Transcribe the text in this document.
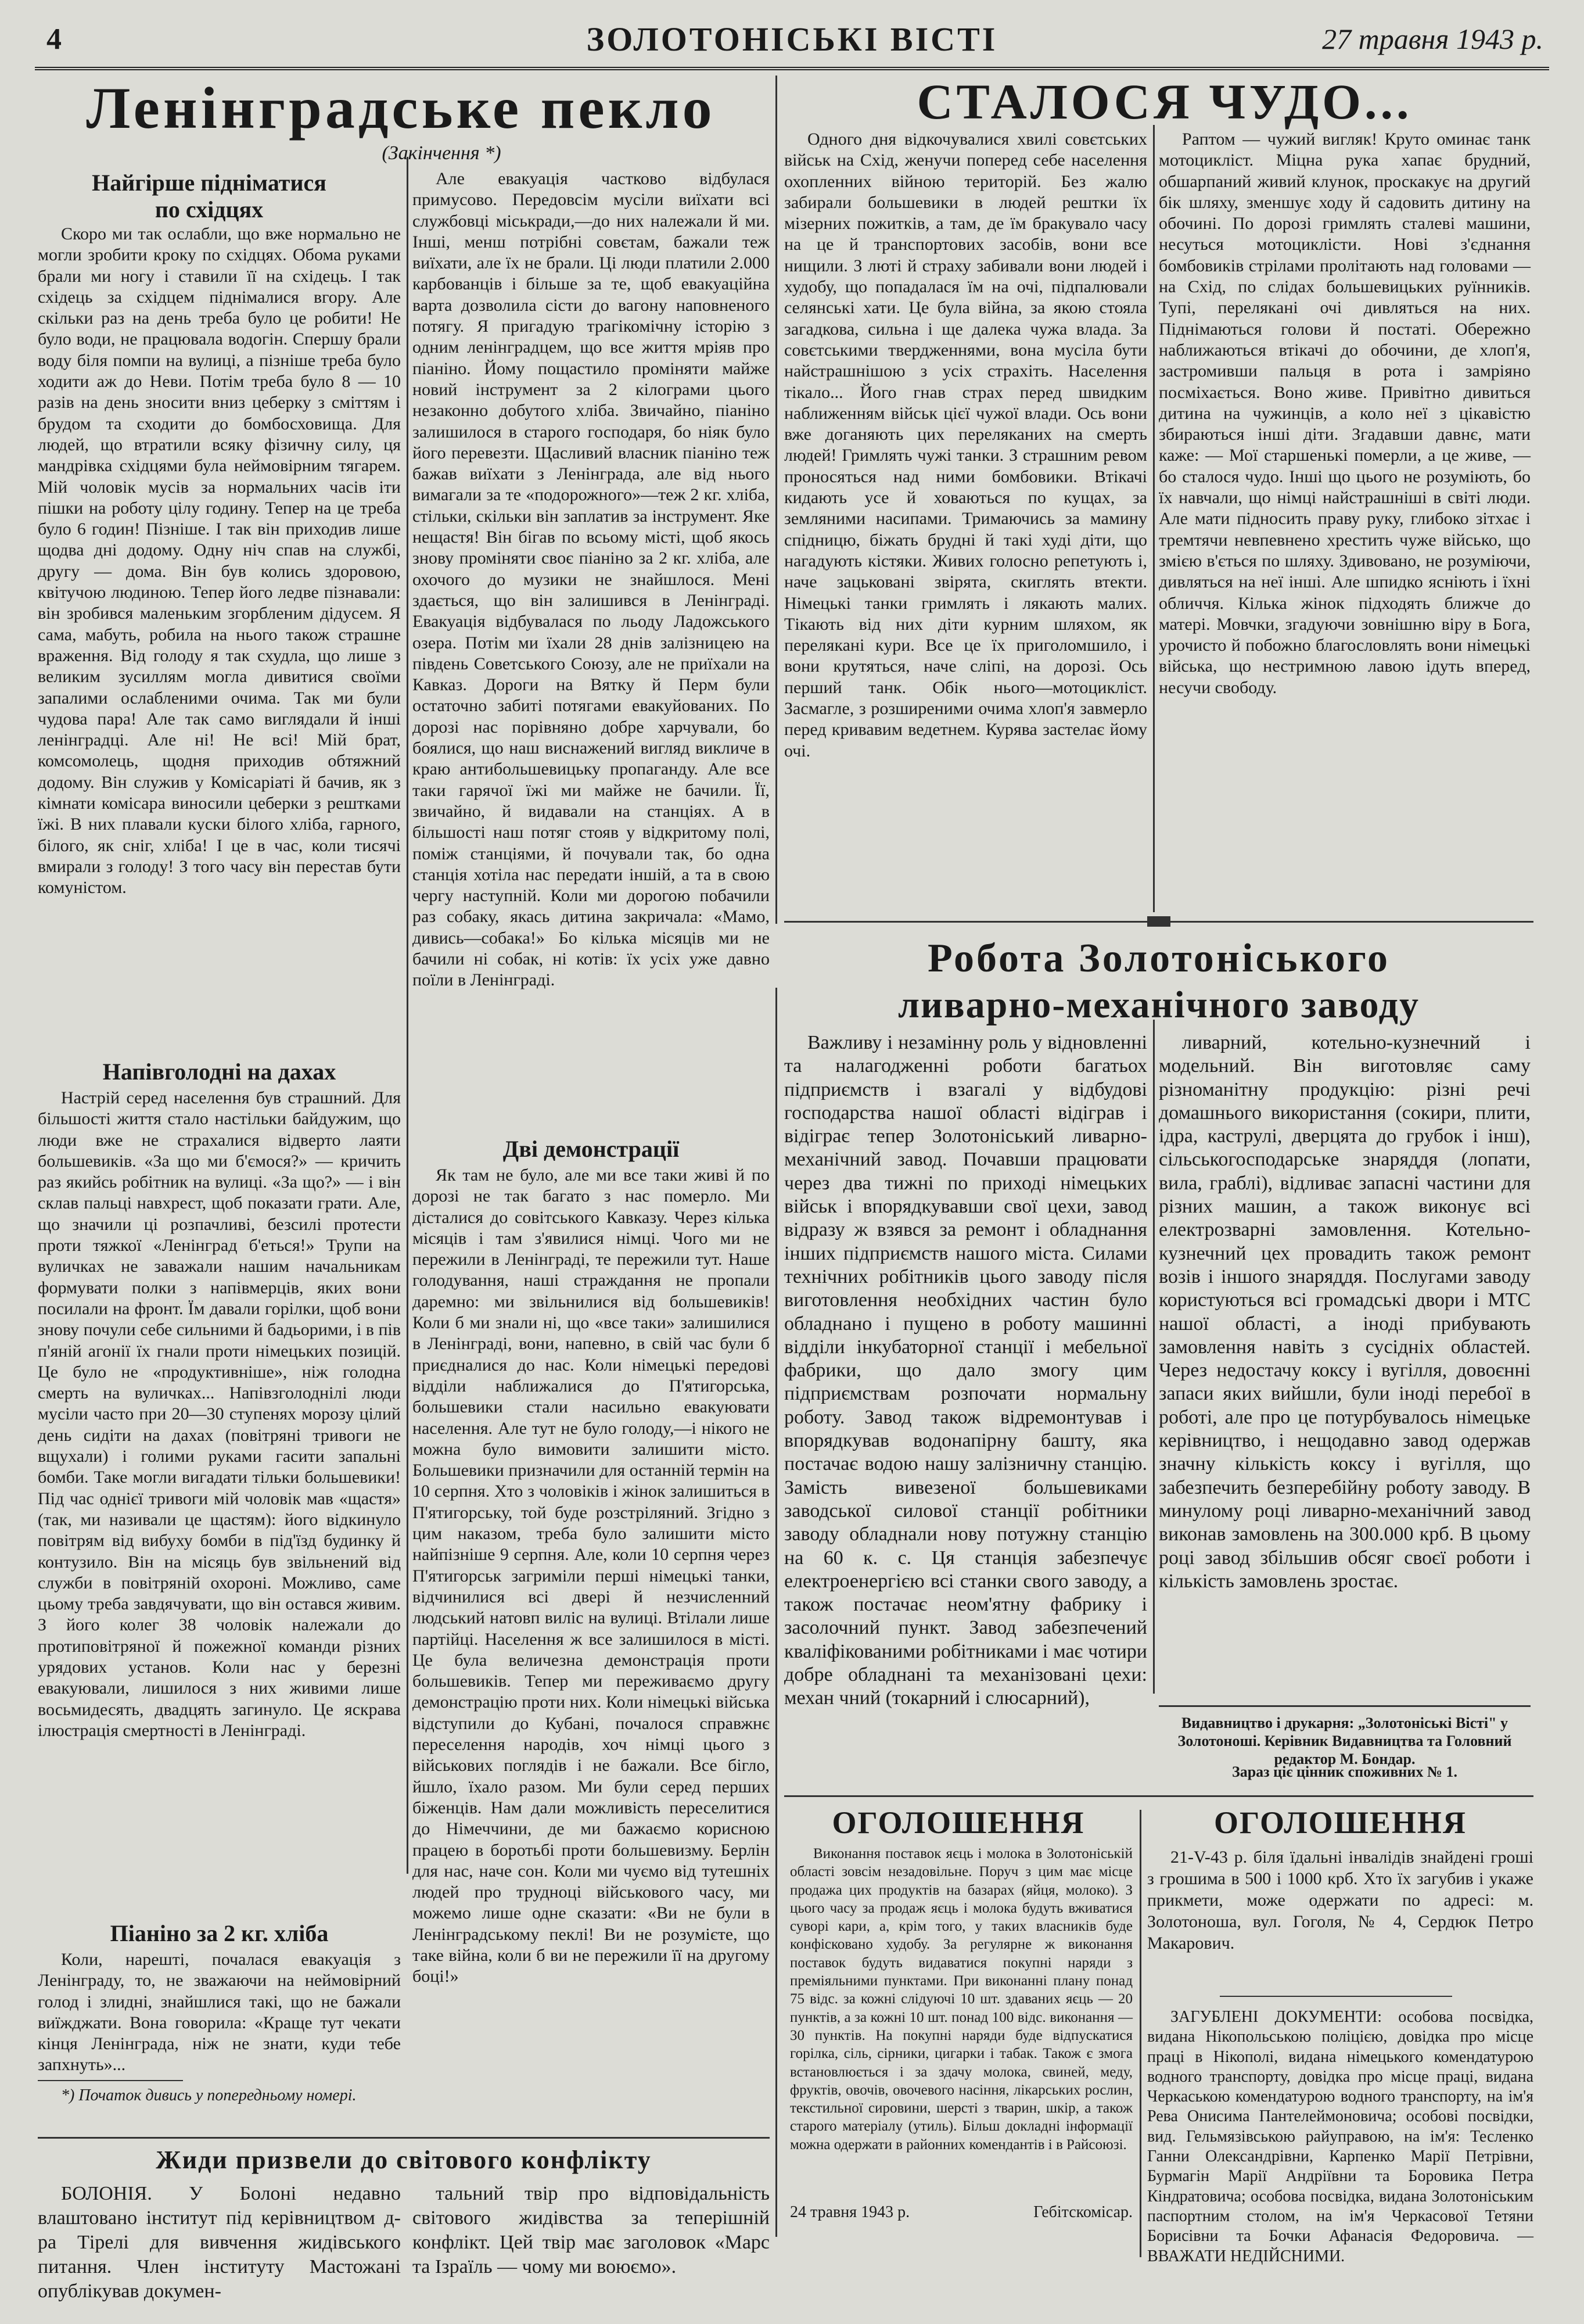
4	ЗОЛОТОНІСЬКІ ВІСТІ	27 травня 1943 р.
Ленінградське пекло
(Закінчення *)
Найгірше підніматися по східцях

Скоро ми так ослабли, що вже нормально не могли зробити кроку по східцях. Обома руками брали ми ногу і ставили її на східець. І так східець за східцем піднімалися вгору. Але скільки раз на день треба було це робити! Не було води, не працювала водогін. Спершу брали воду біля помпи на вулиці, а пізніше треба було ходити аж до Неви. Потім треба було 8 — 10 разів на день зносити вниз цеберку з сміттям і брудом та сходити до бомбосховища. Для людей, що втратили всяку фізичну силу, ця мандрівка східцями була неймовірним тягарем. Мій чоловік мусів за нормальних часів іти пішки на роботу цілу годину. Тепер на це треба було 6 годин! Пізніше. І так він приходив лише щодва дні додому. Одну ніч спав на службі, другу — дома. Він був колись здоровою, квітучою людиною. Тепер його ледве пізнавали: він зробився маленьким згорбленим дідусем. Я сама, мабуть, робила на нього також страшне враження. Від голоду я так схудла, що лише з великим зусиллям могла дивитися своїми запалими ослабленими очима. Так ми були чудова пара! Але так само виглядали й інші ленінградці. Але ні! Не всі! Мій брат, комсомолець, щодня приходив обтяжний додому. Він служив у Комісаріаті й бачив, як з кімнати комісара виносили цеберки з рештками їжі. В них плавали куски білого хліба, гарного, білого, як сніг, хліба! І це в час, коли тисячі вмирали з голоду! З того часу він перестав бути комуністом.

Напівголодні на дахах

Настрій серед населення був страшний. Для більшості життя стало настільки байдужим, що люди вже не страхалися відверто лаяти большевиків. «За що ми б'ємося?» — кричить раз якийсь робітник на вулиці. «За що?» — і він склав пальці навхрест, щоб показати грати. Але, що значили ці розпачливі, безсилі протести проти тяжкої «Ленінград б'еться!» Трупи на вуличках не заважали нашим начальникам формувати полки з напівмерців, яких вони посилали на фронт. Їм давали горілки, щоб вони знову почули себе сильними й бадьорими, і в пів п'яній агонії їх гнали проти німецьких позицій. Це було не «продуктивніше», ніж голодна смерть на вуличках... Напівзголоднілі люди мусіли часто при 20—30 ступенях морозу цілий день сидіти на дахах (повітряні тривоги не вщухали) і голими руками гасити запальні бомби. Таке могли вигадати тільки большевики! Під час однієї тривоги мій чоловік мав «щастя» (так, ми називали це щастям): його відкинуло повітрям від вибуху бомби в під'їзд будинку й контузило. Він на місяць був звільнений від служби в повітряній охороні. Можливо, саме цьому треба завдячувати, що він остався живим. З його колег 38 чоловік належали до протиповітряної й пожежної команди різних урядових установ. Коли нас у березні евакуювали, лишилося з них живими лише восьмидесять, двадцять загинуло. Це яскрава ілюстрація смертності в Ленінграді.

Піаніно за 2 кг. хліба

Коли, нарешті, почалася евакуація з Ленінграду, то, не зважаючи на неймовірний голод і злидні, знайшлися такі, що не бажали виїжджати. Вона говорила: «Краще тут чекати кінця Ленінграда, ніж не знати, куди тебе запхнуть»...

*) Початок дивись у попередньому номері.

Але евакуація частково відбулася примусово. Передовсім мусіли виїхати всі службовці міськради,—до них належали й ми. Інші, менш потрібні совєтам, бажали теж виїхати, але їх не брали. Ці люди платили 2.000 карбованців і більше за те, щоб евакуаційна варта дозволила сісти до вагону наповненого потягу. Я пригадую трагікомічну історію з одним ленінградцем, що все життя мріяв про піаніно. Йому пощастило проміняти майже новий інструмент за 2 кілограми цього незаконно добутого хліба. Звичайно, піаніно залишилося в старого господаря, бо ніяк було його перевезти. Щасливий власник піаніно теж бажав виїхати з Ленінграда, але від нього вимагали за те «подорожного»—теж 2 кг. хліба, стільки, скільки він заплатив за інструмент. Яке нещастя! Він бігав по всьому місті, щоб якось знову проміняти своє піаніно за 2 кг. хліба, але охочого до музики не знайшлося. Мені здається, що він залишився в Ленінграді. Евакуація відбувалася по льоду Ладожського озера. Потім ми їхали 28 днів залізницею на південь Советського Союзу, але не приїхали на Кавказ. Дороги на Вятку й Перм були остаточно забиті потягами евакуйованих. По дорозі нас порівняно добре харчували, бо боялися, що наш виснажений вигляд викличе в краю антибольшевицьку пропаганду. Але все таки гарячої їжі ми майже не бачили. Її, звичайно, й видавали на станціях. А в більшості наш потяг стояв у відкритому полі, поміж станціями, й почували так, бо одна станція хотіла нас передати іншій, а та в свою чергу наступній. Коли ми дорогою побачили раз собаку, якась дитина закричала: «Мамо, дивись—собака!» Бо кілька місяців ми не бачили ні собак, ні котів: їх усіх уже давно поїли в Ленінграді.

Дві демонстрації

Як там не було, але ми все таки живі й по дорозі не так багато з нас померло. Ми дісталися до совітського Кавказу. Через кілька місяців і там з'явилися німці. Чого ми не пережили в Ленінграді, те пережили тут. Наше голодування, наші страждання не пропали даремно: ми звільнилися від большевиків! Коли б ми знали ні, що «все таки» залишилися в Ленінграді, вони, напевно, в свій час були б приєдналися до нас. Коли німецькі передові відділи наближалися до П'ятигорська, большевики стали насильно евакуювати населення. Але тут не було голоду,—і нікого не можна було вимовити залишити місто. Большевики призначили для останній термін на 10 серпня. Хто з чоловіків і жінок залишиться в П'ятигорську, той буде розстріляний. Згідно з цим наказом, треба було залишити місто найпізніше 9 серпня. Але, коли 10 серпня через П'ятигорськ загриміли перші німецькі танки, відчинилися всі двері й незчисленний людський натовп виліс на вулиці. Втілали лише партійці. Населення ж все залишилося в місті. Це була величезна демонстрація проти большевиків. Тепер ми переживаємо другу демонстрацію проти них. Коли німецькі війська відступили до Кубані, почалося справжнє переселення народів, хоч німці цього з військових поглядів і не бажали. Все бігло, йшло, їхало разом. Ми були серед перших біженців. Нам дали можливість переселитися до Німеччини, де ми бажаємо корисною працею в боротьбі проти большевизму. Берлін для нас, наче сон. Коли ми чуємо від тутешніх людей про трудноці військового часу, ми можемо лише одне сказати: «Ви не були в Ленінградському пеклі! Ви не розумієте, що таке війна, коли б ви не пережили її на другому боці!»

Жиди призвели до світового конфлікту

БОЛОНІЯ. У Болоні недавно влаштовано інститут під керівництвом д-ра Тірелі для вивчення жидівського питання. Член інституту Мастожані опублікував докумен-

тальний твір про відповідальність світового жидівства за теперішній конфлікт. Цей твір має заголовок «Марс та Ізраїль — чому ми воюємо».

СТАЛОСЯ ЧУДО...

Одного дня відкочувалися хвилі совєтських військ на Схід, женучи поперед себе населення охопленних війною територій. Без жалю забирали большевики в людей рештки їх мізерних пожитків, а там, де їм бракувало часу на це й транспортових засобів, вони все нищили. З люті й страху забивали вони людей і худобу, що попадалася їм на очі, підпалювали селянські хати. Це була війна, за якою стояла загадкова, сильна і ще далека чужа влада. За совєтськими твердженнями, вона мусіла бути найстрашнішою з усіх страхіть. Населення тікало... Його гнав страх перед швидким наближенням військ цієї чужої влади. Ось вони вже доганяють цих переляканих на смерть людей! Гримлять чужі танки. З страшним ревом проносяться над ними бомбовики. Втікачі кидають усе й ховаються по кущах, за земляними насипами. Тримаючись за мамину спідницю, біжать брудні й такі худі діти, що нагадують кістяки. Живих голосно репетують і, наче зацьковані звірята, скиглять втекти. Німецькі танки гримлять і лякають малих. Тікають від них діти курним шляхом, як перелякані кури. Все це їх приголомшило, і вони крутяться, наче сліпі, на дорозі. Ось перший танк. Обік нього—мотоцикліст. Засмагле, з розширеними очима хлоп'я завмерло перед кривавим ведетнем. Курява застелає йому очі.

Раптом — чужий вигляк! Круто оминає танк мотоцикліст. Міцна рука хапає брудний, обшарпаний живий клунок, проскакує на другий бік шляху, зменшує ходу й садовить дитину на обочині. По дорозі гримлять сталеві машини, несуться мотоциклісти. Нові з'єднання бомбовиків стрілами пролітають над головами — на Схід, по слідах большевицьких руїнників. Тупі, перелякані очі дивляться на них. Піднімаються голови й постаті. Обережно наближаються втікачі до обочини, де хлоп'я, застромивши пальця в рота і замріяно посміхається. Воно живе. Привітно дивиться дитина на чужинців, а коло неї з цікавістю збираються інші діти. Згадавши давнє, мати каже: — Мої старшенькі померли, а це живе, — бо сталося чудо. Інші що цього не розуміють, бо їх навчали, що німці найстрашніші в світі люди. Але мати підносить праву руку, глибоко зітхає і тремтячи невпевнено хрестить чуже військо, що змією в'ється по шляху. Здивовано, не розуміючи, дивляться на неї інші. Але шпидко ясніють і їхні обличчя. Кілька жінок підходять ближче до матері. Мовчки, згадуючи зовнішню віру в Бога, урочисто й побожно благословлять вони німецькі війська, що нестримною лавою ідуть вперед, несучи свободу.

Робота Золотоніського
ливарно-механічного заводу

Важливу і незамінну роль у відновленні та налагодженні роботи багатьох підприємств і взагалі у відбудові господарства нашої області відіграв і відіграє тепер Золотоніський ливарно-механічний завод. Почавши працювати через два тижні по приході німецьких військ і впорядкувавши свої цехи, завод відразу ж взявся за ремонт і обладнання інших підприємств нашого міста. Силами технічних робітників цього заводу після виготовлення необхідних частин було обладнано і пущено в роботу машинні відділи інкубаторної станції і мебельної фабрики, що дало змогу цим підприємствам розпочати нормальну роботу. Завод також відремонтував і впорядкував водонапірну башту, яка постачає водою нашу залізничну станцію. Замість вивезеної большевиками заводської силової станції робітники заводу обладнали нову потужну станцію на 60 к. с. Ця станція забезпечує електроенергією всі станки свого заводу, а також постачає неом'ятну фабрику і засолочний пункт. Завод забезпечений кваліфікованими робітниками і має чотири добре обладнані та механізовані цехи: механ чний (токарний і слюсарний),

ливарний, котельно-кузнечний і модельний. Він виготовляє саму різноманітну продукцію: різні речі домашнього використання (сокири, плити, ідра, каструлі, дверцята до грубок і інш), сільськогосподарське знаряддя (лопати, вила, граблі), відливає запасні частини для різних машин, а також виконує всі електрозварні замовлення. Котельно-кузнечний цех провадить також ремонт возів і іншого знаряддя. Послугами заводу користуються всі громадські двори і МТС нашої області, а іноді прибувають замовлення навіть з сусідніх областей. Через недостачу коксу і вугілля, довоєнні запаси яких вийшли, були іноді перебої в роботі, але про це потурбувалось німецьке керівництво, і нещодавно завод одержав значну кількість коксу і вугілля, що забезпечить безперебійну роботу заводу. В минулому році ливарно-механічний завод виконав замовлень на 300.000 крб. В цьому році завод збільшив обсяг своєї роботи і кількість замовлень зростає.

Видавництво і друкарня: „Золотоніські Вісті" у Золотоноші. Керівник Видавництва та Головний редактор М. Бондар.

Зараз ціє цінник споживних № 1.
ОГОЛОШЕННЯ

Виконання поставок яєць і молока в Золотоніській області зовсім незадовільне. Поруч з цим має місце продажа цих продуктів на базарах (яйця, молоко). З цього часу за продаж яєць і молока будуть вживатися суворі кари, а, крім того, у таких власників буде конфісковано худобу. За регулярне ж виконання поставок будуть видаватися покупні наряди з преміяльними пунктами. При виконанні плану понад 75 відс. за кожні слідуючі 10 шт. здаваних яєць — 20 пунктів, а за кожні 10 шт. понад 100 відс. виконання — 30 пунктів. На покупні наряди буде відпускатися горілка, сіль, сірники, цигарки і табак. Також є змога встановлюється і за здачу молока, свиней, меду, фруктів, овочів, овочевого насіння, лікарських рослин, текстильної сировини, шерсті з тварин, шкір, а також старого матеріалу (утиль). Більш докладні інформації можна одержати в районних комендантів і в Райсоюзі.

24 травня 1943 р.	Гебітскомісар.
ОГОЛОШЕННЯ

21-V-43 р. біля їдальні інвалідів знайдені гроші з грошима в 500 і 1000 крб. Хто їх загубив і укаже прикмети, може одержати по адресі: м. Золотоноша, вул. Гоголя, № 4, Сердюк Петро Макарович.

ЗАГУБЛЕНІ ДОКУМЕНТИ: особова посвідка, видана Нікопольською поліцією, довідка про місце праці в Нікополі, видана німецького комендатурою водного транспорту, довідка про місце праці, видана Черкаською комендатурою водного транспорту, на ім'я Рева Онисима Пантелеймоновича; особові посвідки, вид. Гельмязівською райуправою, на ім'я: Тесленко Ганни Олександрівни, Карпенко Марії Петрівни, Бурмагін Марії Андріївни та Боровика Петра Кіндратовича; особова посвідка, видана Золотоніським паспортним столом, на ім'я Черкасової Тетяни Борисівни та Бочки Афанасія Федоровича. — ВВАЖАТИ НЕДІЙСНИМИ.
